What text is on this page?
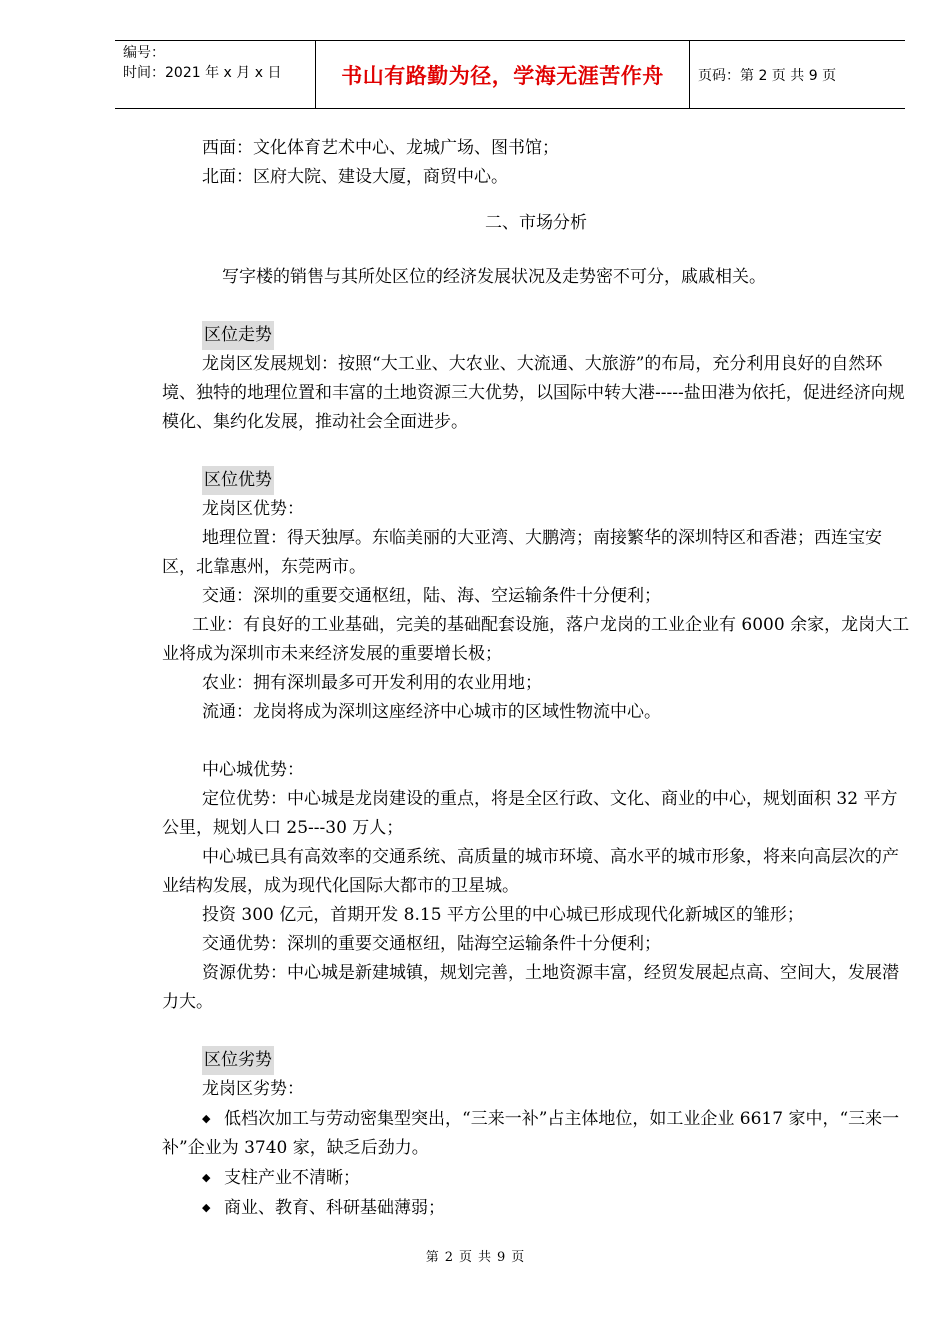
编号：
时间：2021 年 x 月 x 日	书山有路勤为径，学海无涯苦作舟 页码：第 2 页 共 9 页

西面：文化体育艺术中心、龙城广场、图书馆；

北面：区府大院、建设大厦，商贸中心。

二、市场分析

写字楼的销售与其所处区位的经济发展状况及走势密不可分，戚戚相关。

区位走势

龙岗区发展规划：按照“大工业、大农业、大流通、大旅游”的布局，充分利用良好的自然环境、独特的地理位置和丰富的土地资源三大优势，以国际中转大港-----盐田港为依托，促进经济向规模化、集约化发展，推动社会全面进步。

区位优势

龙岗区优势：

地理位置：得天独厚。东临美丽的大亚湾、大鹏湾；南接繁华的深圳特区和香港；西连宝安区，北靠惠州，东莞两市。

交通：深圳的重要交通枢纽，陆、海、空运输条件十分便利；

工业：有良好的工业基础，完美的基础配套设施，落户龙岗的工业企业有 6000 余家，龙岗大工业将成为深圳市未来经济发展的重要增长极；

农业：拥有深圳最多可开发利用的农业用地；

流通：龙岗将成为深圳这座经济中心城市的区域性物流中心。

中心城优势：

定位优势：中心城是龙岗建设的重点，将是全区行政、文化、商业的中心，规划面积 32 平方公里，规划人口 25---30 万人；

中心城已具有高效率的交通系统、高质量的城市环境、高水平的城市形象，将来向高层次的产业结构发展，成为现代化国际大都市的卫星城。

投资 300 亿元，首期开发 8.15 平方公里的中心城已形成现代化新城区的雏形；

交通优势：深圳的重要交通枢纽，陆海空运输条件十分便利；

资源优势：中心城是新建城镇，规划完善，土地资源丰富，经贸发展起点高、空间大，发展潜力大。

区位劣势

龙岗区劣势：

◆ 低档次加工与劳动密集型突出，“三来一补”占主体地位，如工业企业 6617 家中，“三来一补”企业为 3740 家，缺乏后劲力。

◆ 支柱产业不清晰；

◆ 商业、教育、科研基础薄弱；

第 2 页 共 9 页
